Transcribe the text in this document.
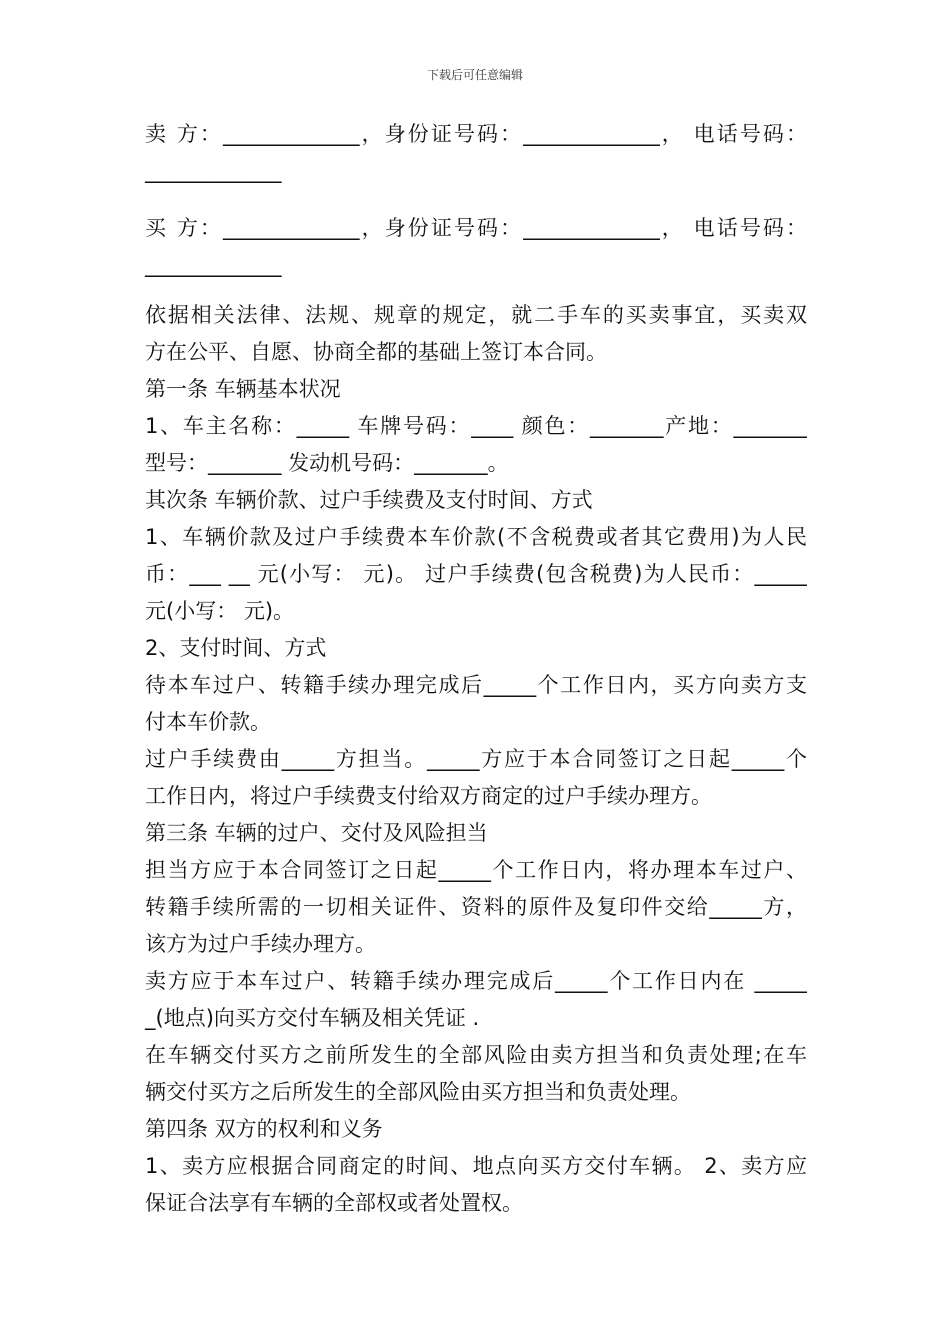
下载后可任意编辑
卖 方：_____________，身份证号码：_____________， 电话号码：
_____________
买 方：_____________，身份证号码：_____________， 电话号码：
_____________
依据相关法律、法规、规章的规定，就二手车的买卖事宜，买卖双
方在公平、自愿、协商全都的基础上签订本合同。
第一条 车辆基本状况
1、车主名称：_____ 车牌号码：____ 颜色：_______产地：_______
型号：_______ 发动机号码：_______。
其次条 车辆价款、过户手续费及支付时间、方式
1、车辆价款及过户手续费本车价款(不含税费或者其它费用)为人民
币：___ __ 元(小写： 元)。 过户手续费(包含税费)为人民币：_____
元(小写： 元)。
2、支付时间、方式
待本车过户、转籍手续办理完成后_____个工作日内，买方向卖方支
付本车价款。
过户手续费由_____方担当。_____方应于本合同签订之日起_____个
工作日内，将过户手续费支付给双方商定的过户手续办理方。
第三条 车辆的过户、交付及风险担当
担当方应于本合同签订之日起_____个工作日内，将办理本车过户、
转籍手续所需的一切相关证件、资料的原件及复印件交给_____方，
该方为过户手续办理方。
卖方应于本车过户、转籍手续办理完成后_____个工作日内在 _____
_(地点)向买方交付车辆及相关凭证 .
在车辆交付买方之前所发生的全部风险由卖方担当和负责处理;在车
辆交付买方之后所发生的全部风险由买方担当和负责处理。
第四条 双方的权利和义务
1、卖方应根据合同商定的时间、地点向买方交付车辆。 2、卖方应
保证合法享有车辆的全部权或者处置权。
